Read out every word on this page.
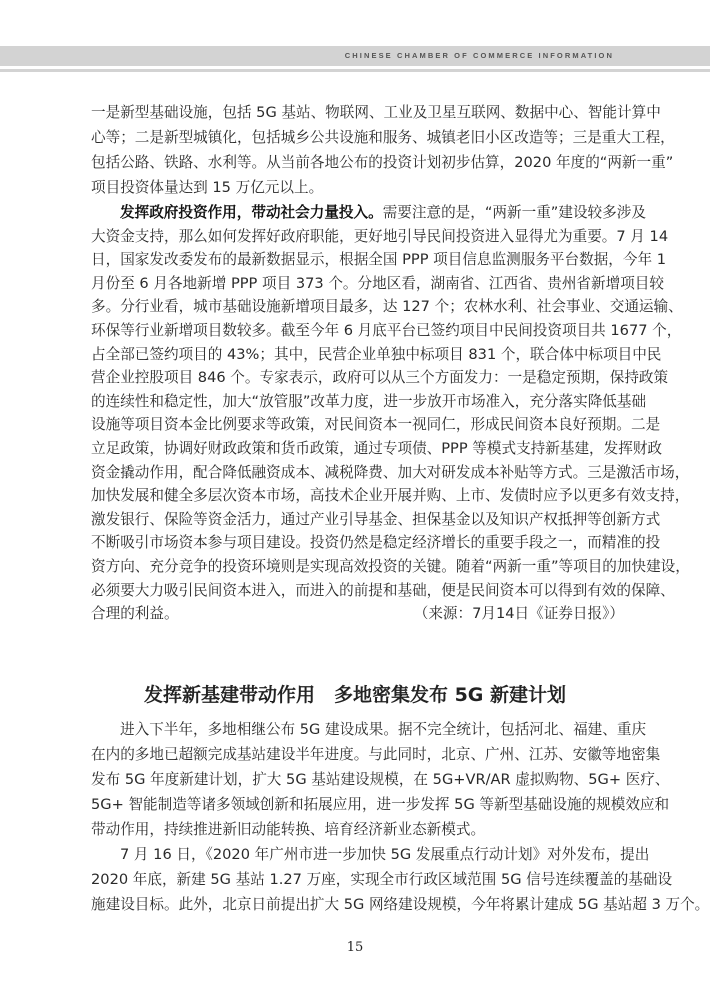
CHINESE CHAMBER OF COMMERCE INFORMATION
一是新型基础设施，包括 5G 基站、物联网、工业及卫星互联网、数据中心、智能计算中
心等；二是新型城镇化，包括城乡公共设施和服务、城镇老旧小区改造等；三是重大工程，
包括公路、铁路、水利等。从当前各地公布的投资计划初步估算，2020 年度的“两新一重”
项目投资体量达到 15 万亿元以上。
发挥政府投资作用，带动社会力量投入。需要注意的是，“两新一重”建设较多涉及
大资金支持，那么如何发挥好政府职能，更好地引导民间投资进入显得尤为重要。7 月 14
日，国家发改委发布的最新数据显示，根据全国 PPP 项目信息监测服务平台数据，今年 1
月份至 6 月各地新增 PPP 项目 373 个。分地区看，湖南省、江西省、贵州省新增项目较
多。分行业看，城市基础设施新增项目最多，达 127 个；农林水利、社会事业、交通运输、
环保等行业新增项目数较多。截至今年 6 月底平台已签约项目中民间投资项目共 1677 个，
占全部已签约项目的 43%；其中，民营企业单独中标项目 831 个，联合体中标项目中民
营企业控股项目 846 个。专家表示，政府可以从三个方面发力：一是稳定预期，保持政策
的连续性和稳定性，加大“放管服”改革力度，进一步放开市场准入，充分落实降低基础
设施等项目资本金比例要求等政策，对民间资本一视同仁，形成民间资本良好预期。二是
立足政策，协调好财政政策和货币政策，通过专项债、PPP 等模式支持新基建，发挥财政
资金撬动作用，配合降低融资成本、减税降费、加大对研发成本补贴等方式。三是激活市场，
加快发展和健全多层次资本市场，高技术企业开展并购、上市、发债时应予以更多有效支持，
激发银行、保险等资金活力，通过产业引导基金、担保基金以及知识产权抵押等创新方式
不断吸引市场资本参与项目建设。投资仍然是稳定经济增长的重要手段之一，而精准的投
资方向、充分竞争的投资环境则是实现高效投资的关键。随着“两新一重”等项目的加快建设，
必须要大力吸引民间资本进入，而进入的前提和基础，便是民间资本可以得到有效的保障、
合理的利益。	（来源：7月14日《证券日报》）
发挥新基建带动作用　多地密集发布 5G 新建计划
进入下半年，多地相继公布 5G 建设成果。据不完全统计，包括河北、福建、重庆
在内的多地已超额完成基站建设半年进度。与此同时，北京、广州、江苏、安徽等地密集
发布 5G 年度新建计划，扩大 5G 基站建设规模，在 5G+VR/AR 虚拟购物、5G+ 医疗、
5G+ 智能制造等诸多领域创新和拓展应用，进一步发挥 5G 等新型基础设施的规模效应和
带动作用，持续推进新旧动能转换、培育经济新业态新模式。
7 月 16 日，《2020 年广州市进一步加快 5G 发展重点行动计划》对外发布，提出
2020 年底，新建 5G 基站 1.27 万座，实现全市行政区域范围 5G 信号连续覆盖的基础设
施建设目标。此外，北京日前提出扩大 5G 网络建设规模，今年将累计建成 5G 基站超 3 万个。
15
